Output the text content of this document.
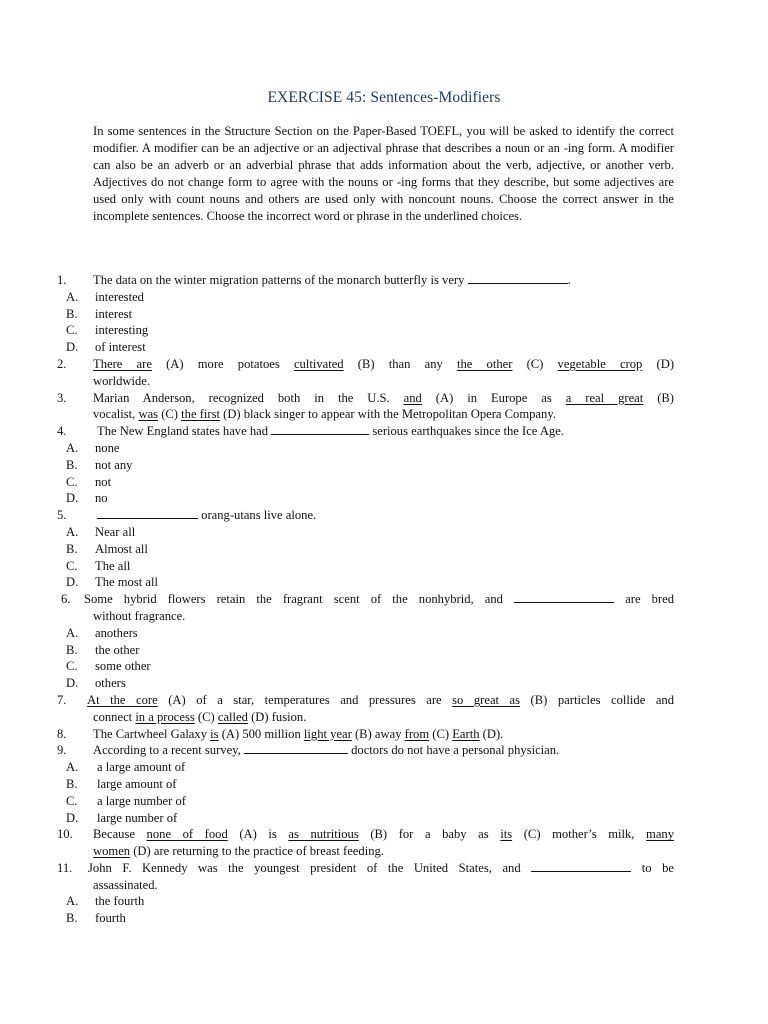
EXERCISE 45: Sentences-Modifiers
In some sentences in the Structure Section on the Paper-Based TOEFL, you will be asked to identify the correct modifier. A modifier can be an adjective or an adjectival phrase that describes a noun or an -ing form. A modifier can also be an adverb or an adverbial phrase that adds information about the verb, adjective, or another verb. Adjectives do not change form to agree with the nouns or -ing forms that they describe, but some adjectives are used only with count nouns and others are used only with noncount nouns. Choose the correct answer in the incomplete sentences. Choose the incorrect word or phrase in the underlined choices.
1. The data on the winter migration patterns of the monarch butterfly is very	.
A. interested
B. interest
C. interesting
D. of interest
2. There are (A) more potatoes cultivated (B) than any the other (C) vegetable crop (D)
worldwide.
3. Marian Anderson, recognized both in the U.S. and (A) in Europe as a real great (B)
vocalist, was (C) the first (D) black singer to appear with the Metropolitan Opera Company.
4. The New England states have had	serious earthquakes since the Ice Age.
A. none
B. not any
C. not
D. no
5.	orang-utans live alone.
A. Near all
B. Almost all
C. The all
D. The most all
6. Some hybrid flowers retain the fragrant scent of the nonhybrid, and	are bred
without fragrance.
A. anothers
B. the other
C. some other
D. others
7. At the core (A) of a star, temperatures and pressures are so great as (B) particles collide and
connect in a process (C) called (D) fusion.
8. The Cartwheel Galaxy is (A) 500 million light year (B) away from (C) Earth (D).
9. According to a recent survey,	doctors do not have a personal physician.
A. a large amount of
B. large amount of
C. a large number of
D. large number of
10. Because none of food (A) is as nutritious (B) for a baby as its (C) mother’s milk, many
women (D) are returning to the practice of breast feeding.
11. John F. Kennedy was the youngest president of the United States, and	to be
assassinated.
A. the fourth
B. fourth
